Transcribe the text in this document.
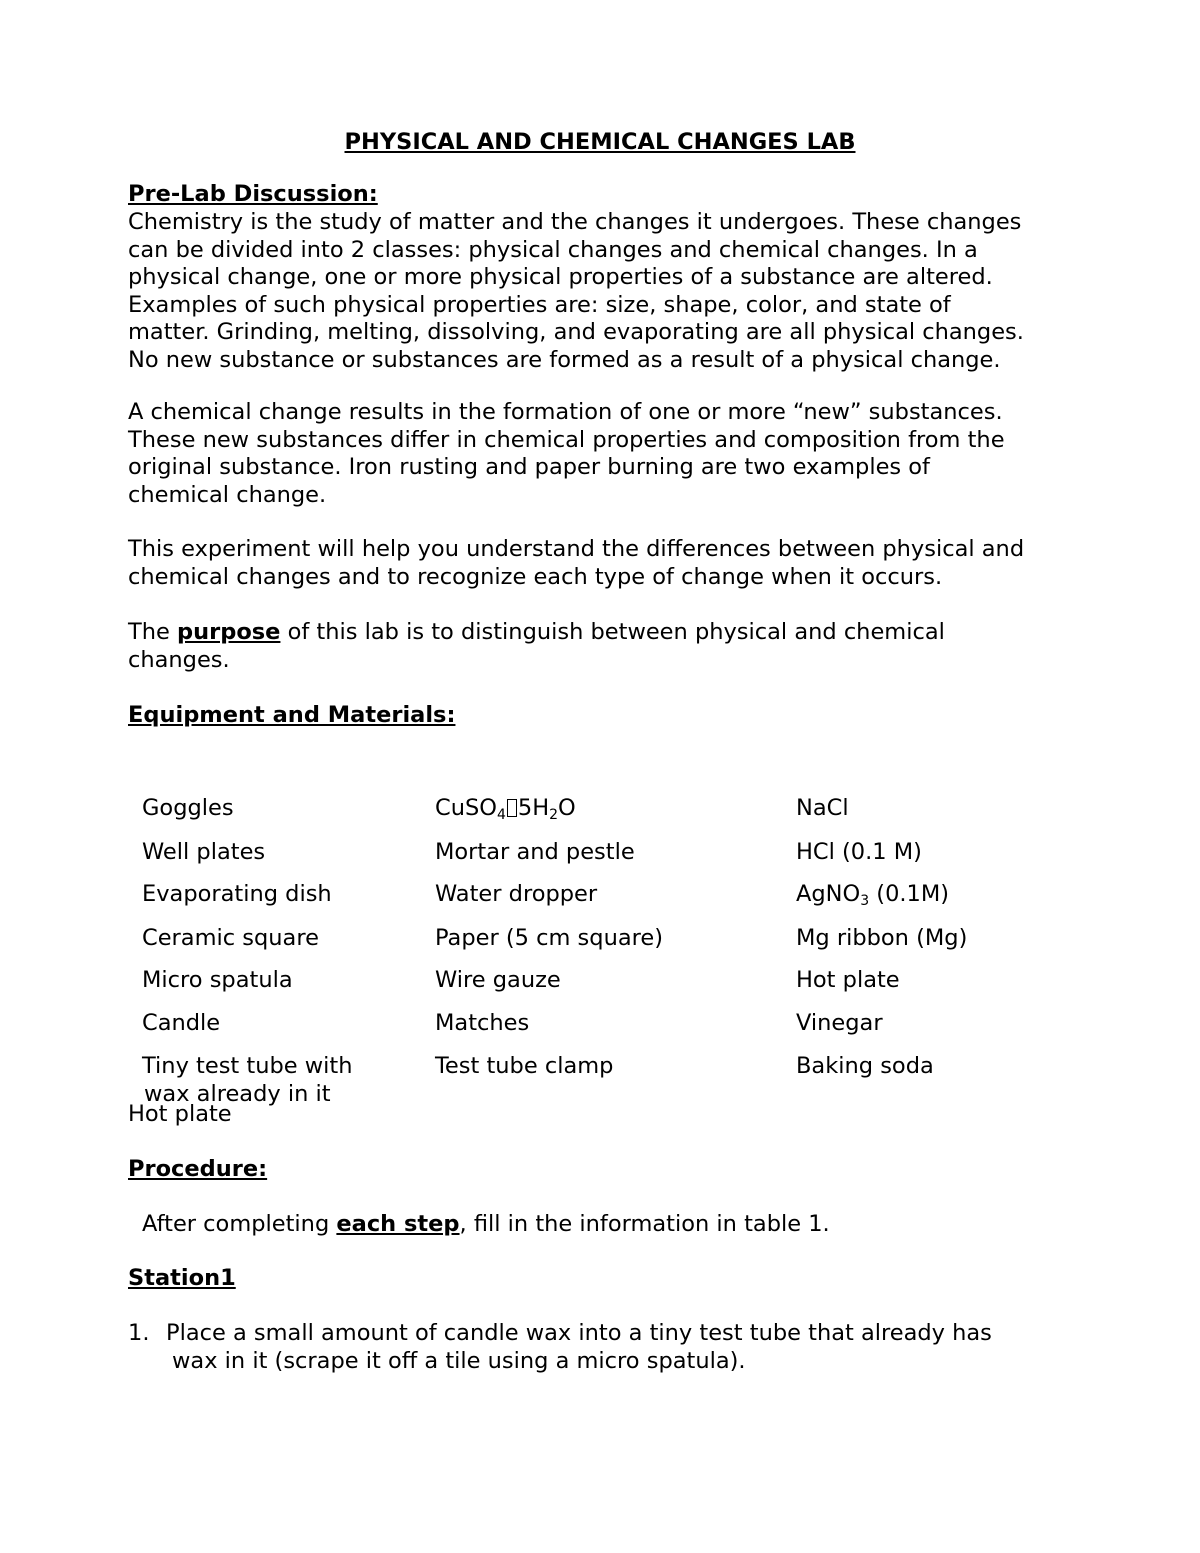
PHYSICAL AND CHEMICAL CHANGES LAB
Pre-Lab Discussion:
Chemistry is the study of matter and the changes it undergoes. These changes
can be divided into 2 classes: physical changes and chemical changes. In a
physical change, one or more physical properties of a substance are altered.
Examples of such physical properties are: size, shape, color, and state of
matter. Grinding, melting, dissolving, and evaporating are all physical changes.
No new substance or substances are formed as a result of a physical change.
A chemical change results in the formation of one or more “new” substances.
These new substances differ in chemical properties and composition from the
original substance. Iron rusting and paper burning are two examples of
chemical change.
This experiment will help you understand the differences between physical and
chemical changes and to recognize each type of change when it occurs.
The purpose of this lab is to distinguish between physical and chemical
changes.
Equipment and Materials:
Goggles
Well plates
Evaporating dish
Ceramic square
Micro spatula
Candle
Tiny test tube with
wax already in it
Hot plate
CuSO$_4$ $5H_2O$
Mortar and pestle
Water dropper
Paper (5 cm square)
Wire gauze
Matches
Test tube clamp
NaCl
HCl (0.1 M)
AgNO$_3$ (0.1M)
Mg ribbon (Mg)
Hot plate
Vinegar
Baking soda
Procedure:
After completing each step, fill in the information in table 1.
Station1
1. Place a small amount of candle wax into a tiny test tube that already has
wax in it (scrape it off a tile using a micro spatula).
